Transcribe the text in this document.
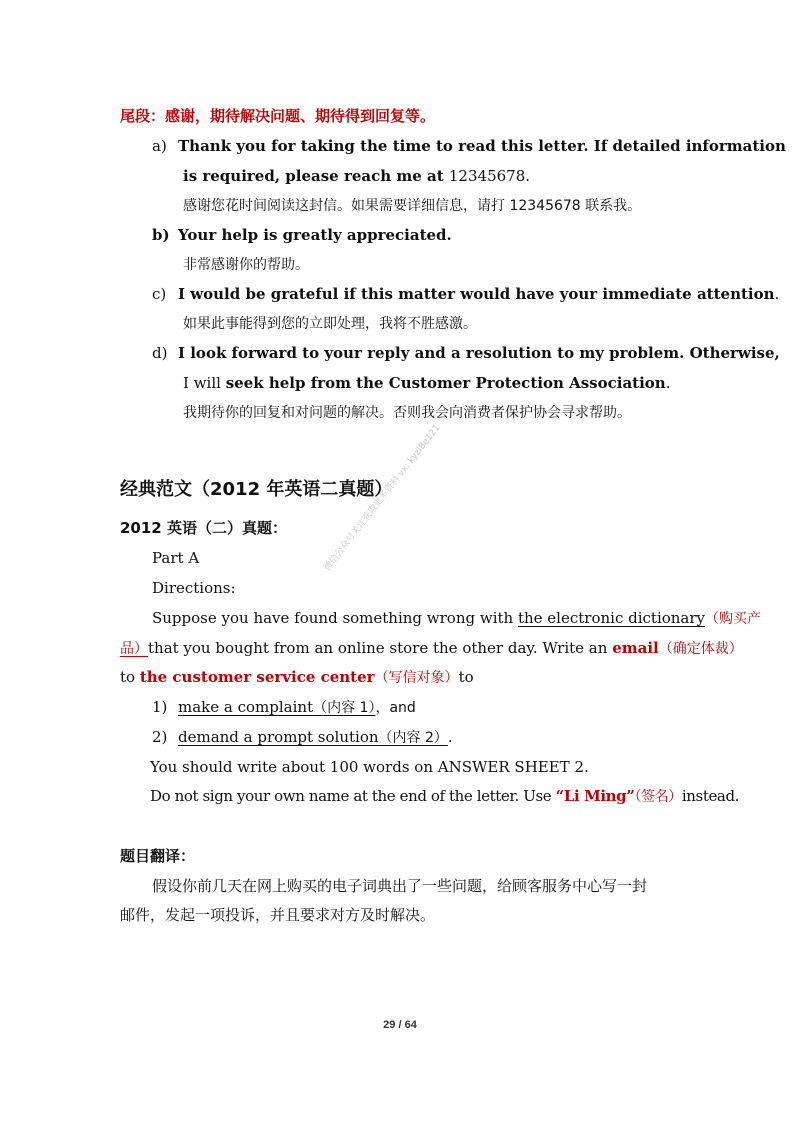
尾段：感谢，期待解决问题、期待得到回复等。
a) Thank you for taking the time to read this letter. If detailed information
is required, please reach me at 12345678.
感谢您花时间阅读这封信。如果需要详细信息，请打 12345678 联系我。
b) Your help is greatly appreciated.
非常感谢你的帮助。
c) I would be grateful if this matter would have your immediate attention.
如果此事能得到您的立即处理，我将不胜感激。
d) I look forward to your reply and a resolution to my problem. Otherwise,
I will seek help from the Customer Protection Association.
我期待你的回复和对问题的解决。否则我会向消费者保护协会寻求帮助。
经典范文（2012 年英语二真题）
2012 英语（二）真题：
Part A
Directions:
Suppose you have found something wrong with the electronic dictionary（购买产
品）that you bought from an online store the other day. Write an email（确定体裁）
to the customer service center（写信对象）to
1) make a complaint（内容 1），and
2) demand a prompt solution（内容 2）.
You should write about 100 words on ANSWER SHEET 2.
Do not sign your own name at the end of the letter. Use “Li Ming”（签名）instead.
题目翻译：
假设你前几天在网上购买的电子词典出了一些问题，给顾客服务中心写一封
邮件，发起一项投诉，并且要求对方及时解决。
微信公众号关注获取更多资料 vx: kyzl8e121
29 / 64
